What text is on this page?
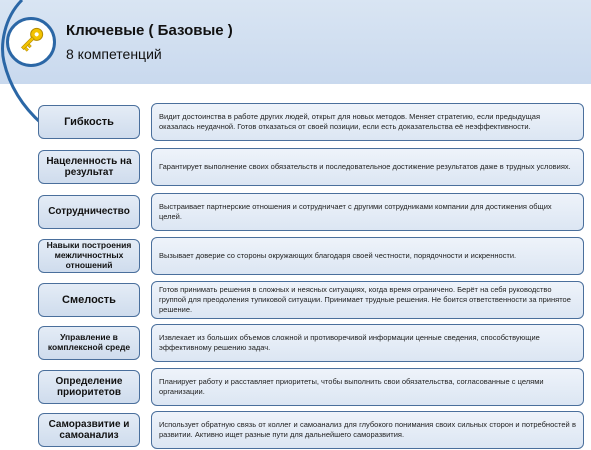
Ключевые ( Базовые )
8 компетенций
Гибкость	Видит достоинства в работе других людей, открыт для новых методов. Меняет стратегию, если предыдущая оказалась неудачной. Готов отказаться от своей позиции, если есть доказательства её неэффективности.
Нацеленность на результат
Гарантирует выполнение своих обязательств и последовательное достижение результатов даже в трудных условиях.
Сотрудничество	Выстраивает партнерские отношения и сотрудничает с другими сотрудниками компании для достижения общих целей.
Навыки построения межличностных отношений
Вызывает доверие со стороны окружающих благодаря своей честности, порядочности и искренности.
Смелость
Готов принимать решения в сложных и неясных ситуациях, когда время ограничено. Берёт на себя руководство группой для преодоления тупиковой ситуации. Принимает трудные решения. Не боится ответственности за принятое решение.
Управление в комплексной среде
Извлекает из больших объемов сложной и противоречивой информации ценные сведения, способствующие эффективному решению задач.
Определение приоритетов
Планирует работу и расставляет приоритеты, чтобы выполнить свои обязательства, согласованные с целями организации.
Саморазвитие и самоанализ
Использует обратную связь от коллег и самоанализ для глубокого понимания своих сильных сторон и потребностей в развитии. Активно ищет разные пути для дальнейшего саморазвития.
